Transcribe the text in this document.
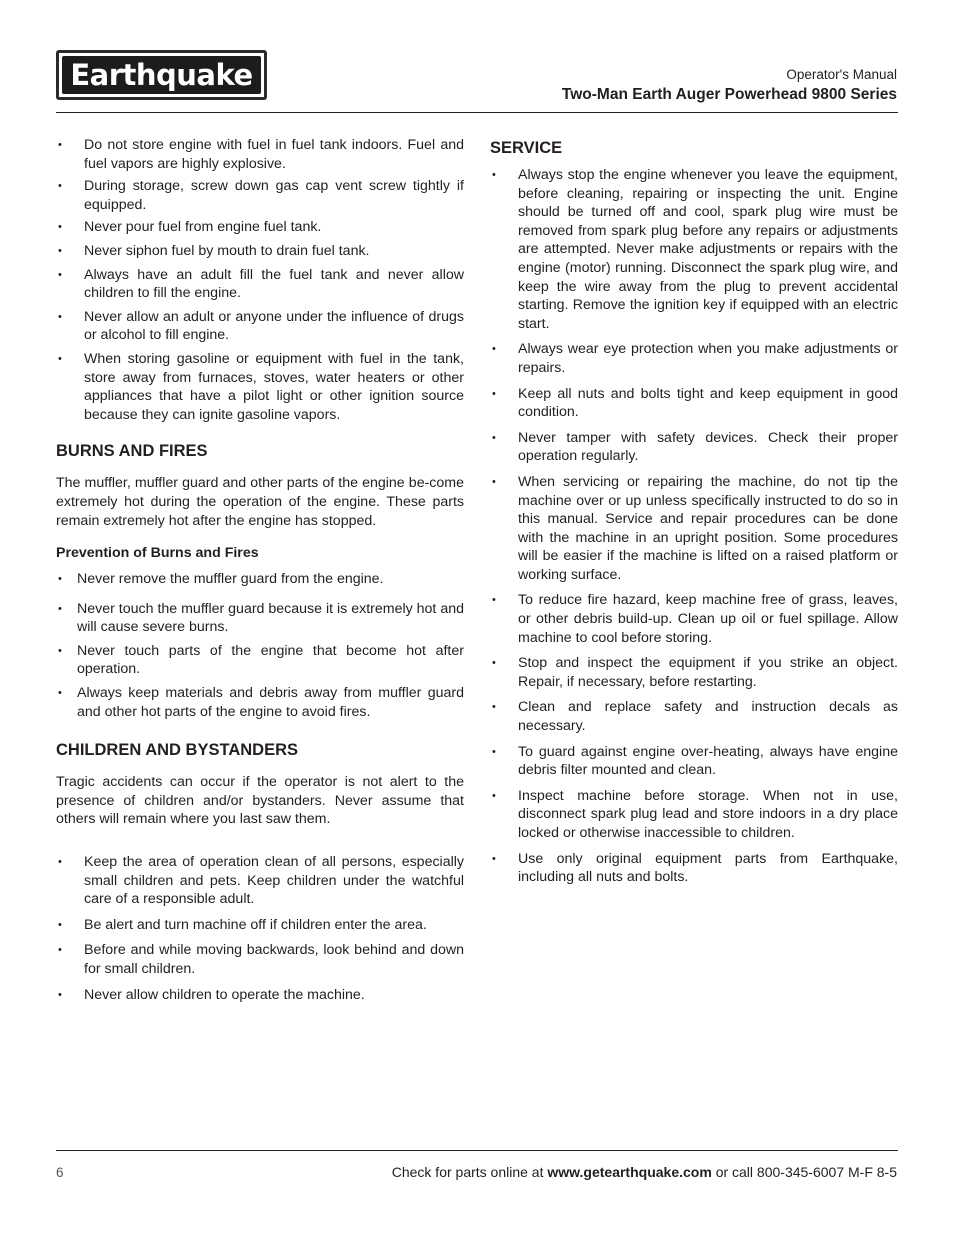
Earthquake	Operator's Manual
Two-Man Earth Auger Powerhead 9800 Series
• Do not store engine with fuel in fuel tank indoors. Fuel and fuel vapors are highly explosive.
• During storage, screw down gas cap vent screw tightly if equipped.
• Never pour fuel from engine fuel tank.
• Never siphon fuel by mouth to drain fuel tank.
• Always have an adult fill the fuel tank and never allow children to fill the engine.
• Never allow an adult or anyone under the influence of drugs or alcohol to fill engine.
• When storing gasoline or equipment with fuel in the tank, store away from furnaces, stoves, water heaters or other appliances that have a pilot light or other ignition source because they can ignite gasoline vapors.
BURNS AND FIRES

The muffler, muffler guard and other parts of the engine be-come extremely hot during the operation of the engine. These parts remain extremely hot after the engine has stopped.

Prevention of Burns and Fires
• Never remove the muffler guard from the engine.
• Never touch the muffler guard because it is extremely hot and will cause severe burns.
• Never touch parts of the engine that become hot after operation.
• Always keep materials and debris away from muffler guard and other hot parts of the engine to avoid fires.
CHILDREN AND BYSTANDERS

Tragic accidents can occur if the operator is not alert to the presence of children and/or bystanders. Never assume that others will remain where you last saw them.

• Keep the area of operation clean of all persons, especially small children and pets. Keep children under the watchful care of a responsible adult.
• Be alert and turn machine off if children enter the area.
• Before and while moving backwards, look behind and down for small children.
• Never allow children to operate the machine.
SERVICE
• Always stop the engine whenever you leave the equipment, before cleaning, repairing or inspecting the unit. Engine should be turned off and cool, spark plug wire must be removed from spark plug before any repairs or adjustments are attempted. Never make adjustments or repairs with the engine (motor) running. Disconnect the spark plug wire, and keep the wire away from the plug to prevent accidental starting. Remove the ignition key if equipped with an electric start.
• Always wear eye protection when you make adjustments or repairs.
• Keep all nuts and bolts tight and keep equipment in good condition.
• Never tamper with safety devices. Check their proper operation regularly.
• When servicing or repairing the machine, do not tip the machine over or up unless specifically instructed to do so in this manual. Service and repair procedures can be done with the machine in an upright position. Some procedures will be easier if the machine is lifted on a raised platform or working surface.
• To reduce fire hazard, keep machine free of grass, leaves, or other debris build-up. Clean up oil or fuel spillage. Allow machine to cool before storing.
• Stop and inspect the equipment if you strike an object. Repair, if necessary, before restarting.
• Clean and replace safety and instruction decals as necessary.
• To guard against engine over-heating, always have engine debris filter mounted and clean.
• Inspect machine before storage. When not in use, disconnect spark plug lead and store indoors in a dry place locked or otherwise inaccessible to children.
• Use only original equipment parts from Earthquake, including all nuts and bolts.
6	Check for parts online at www.getearthquake.com or call 800-345-6007 M-F 8-5
